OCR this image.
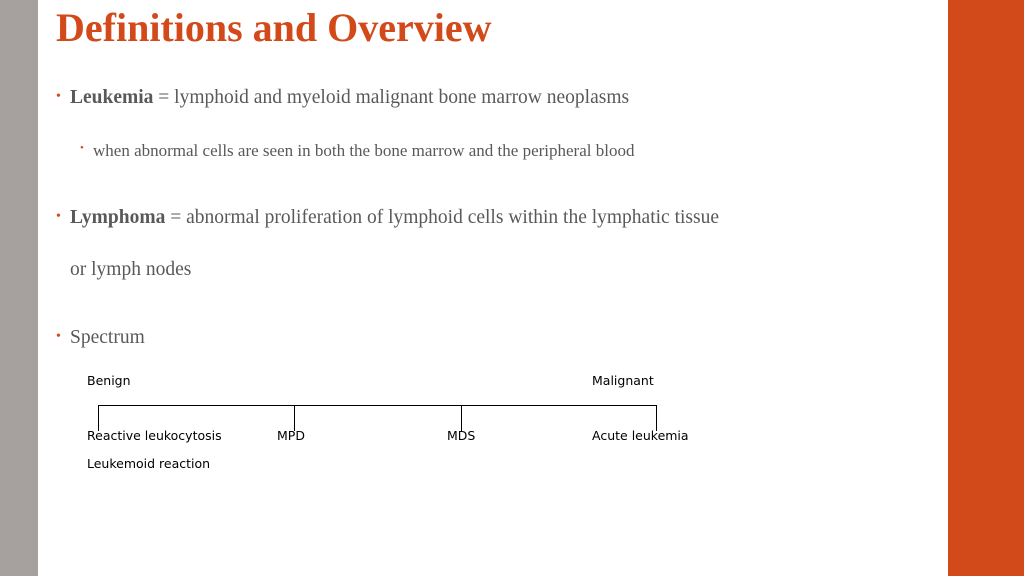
Definitions and Overview
• Leukemia = lymphoid and myeloid malignant bone marrow neoplasms
• when abnormal cells are seen in both the bone marrow and the peripheral blood
• Lymphoma = abnormal proliferation of lymphoid cells within the lymphatic tissue
or lymph nodes
• Spectrum
Benign	Malignant
Reactive leukocytosis	MPD	MDS	Acute leukemia
Leukemoid reaction
